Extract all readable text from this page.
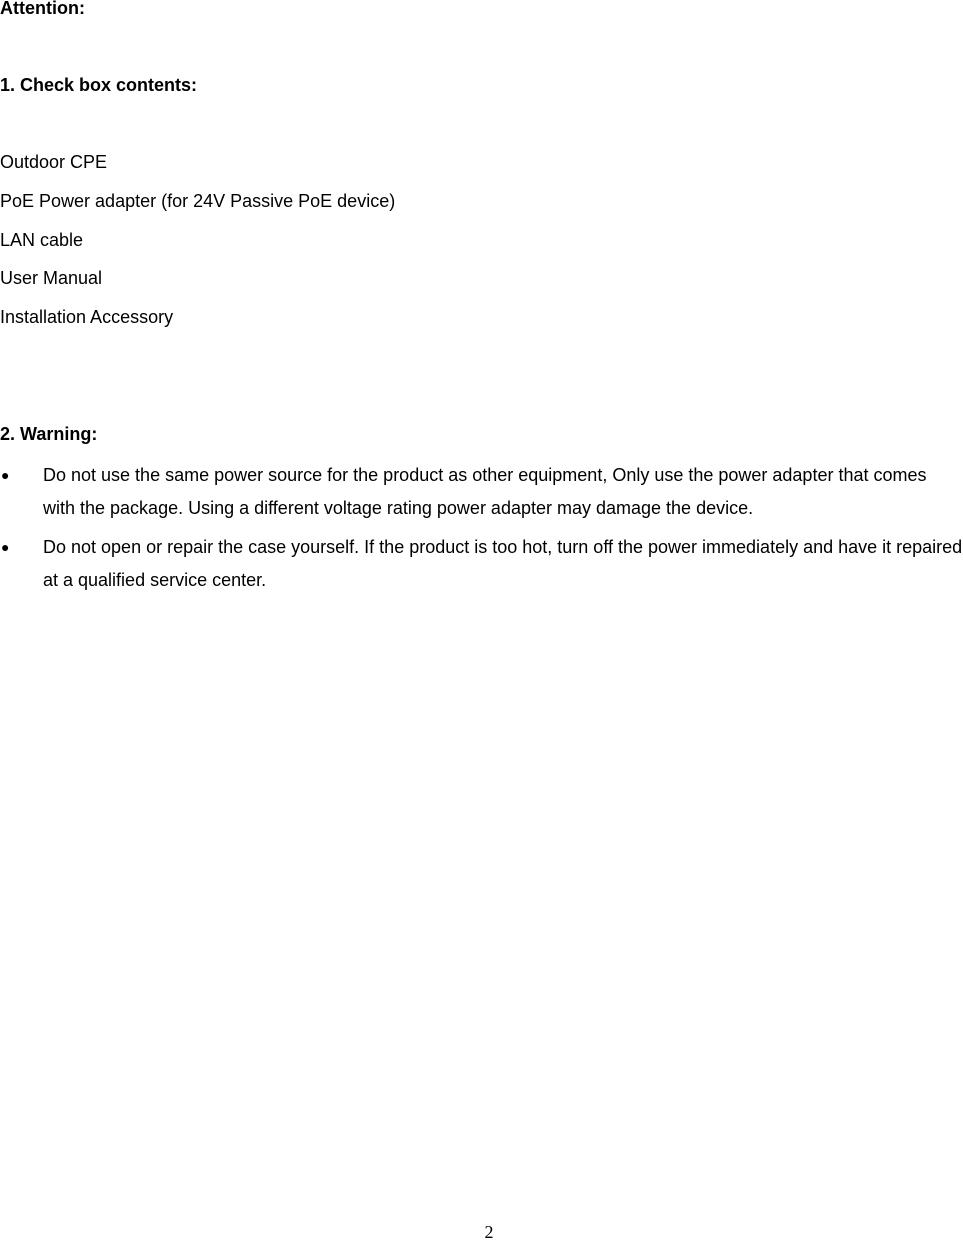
Attention:
1. Check box contents:
Outdoor CPE
PoE Power adapter (for 24V Passive PoE device)
LAN cable
User Manual
Installation Accessory
2. Warning:
● Do not use the same power source for the product as other equipment, Only use the power adapter that comes with the package. Using a different voltage rating power adapter may damage the device.
● Do not open or repair the case yourself. If the product is too hot, turn off the power immediately and have it repaired at a qualified service center.
2
